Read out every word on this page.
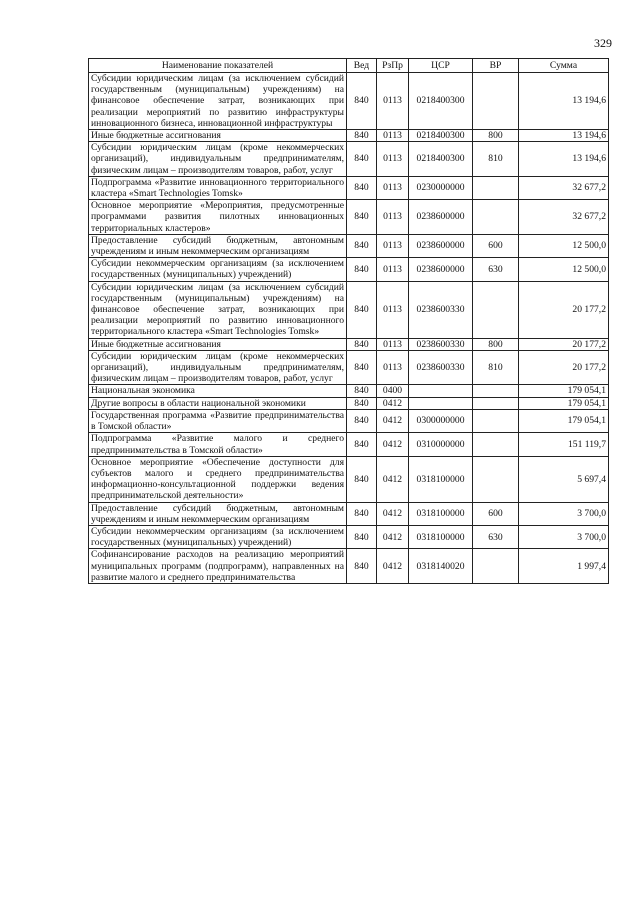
329
Наименование показателей	Вед	РзПр	ЦСР	ВР	Сумма
Субсидии юридическим лицам (за исключением субсидий государственным (муниципальным) учреждениям) на финансовое обеспечение затрат, возникающих при реализации мероприятий по развитию инфраструктуры инновационного бизнеса, инновационной инфраструктуры	840	0113	0218400300		13 194,6
Иные бюджетные ассигнования	840	0113	0218400300	800	13 194,6
Субсидии юридическим лицам (кроме некоммерческих организаций), индивидуальным предпринимателям, физическим лицам – производителям товаров, работ, услуг	840	0113	0218400300	810	13 194,6
Подпрограмма «Развитие инновационного территориального кластера «Smart Technologies Tomsk»	840	0113	0230000000		32 677,2
Основное мероприятие «Мероприятия, предусмотренные программами развития пилотных инновационных территориальных кластеров»	840	0113	0238600000		32 677,2
Предоставление субсидий бюджетным, автономным учреждениям и иным некоммерческим организациям	840	0113	0238600000	600	12 500,0
Субсидии некоммерческим организациям (за исключением государственных (муниципальных) учреждений)	840	0113	0238600000	630	12 500,0
Субсидии юридическим лицам (за исключением субсидий государственным (муниципальным) учреждениям) на финансовое обеспечение затрат, возникающих при реализации мероприятий по развитию инновационного территориального кластера «Smart Technologies Tomsk»	840	0113	0238600330		20 177,2
Иные бюджетные ассигнования	840	0113	0238600330	800	20 177,2
Субсидии юридическим лицам (кроме некоммерческих организаций), индивидуальным предпринимателям, физическим лицам – производителям товаров, работ, услуг	840	0113	0238600330	810	20 177,2
Национальная экономика	840	0400			179 054,1
Другие вопросы в области национальной экономики	840	0412			179 054,1
Государственная программа «Развитие предпринимательства в Томской области»	840	0412	0300000000		179 054,1
Подпрограмма «Развитие малого и среднего предпринимательства в Томской области»	840	0412	0310000000		151 119,7
Основное мероприятие «Обеспечение доступности для субъектов малого и среднего предпринимательства информационно-консультационной поддержки ведения предпринимательской деятельности»	840	0412	0318100000		5 697,4
Предоставление субсидий бюджетным, автономным учреждениям и иным некоммерческим организациям	840	0412	0318100000	600	3 700,0
Субсидии некоммерческим организациям (за исключением государственных (муниципальных) учреждений)	840	0412	0318100000	630	3 700,0
Софинансирование расходов на реализацию мероприятий муниципальных программ (подпрограмм), направленных на развитие малого и среднего предпринимательства	840	0412	0318140020		1 997,4
